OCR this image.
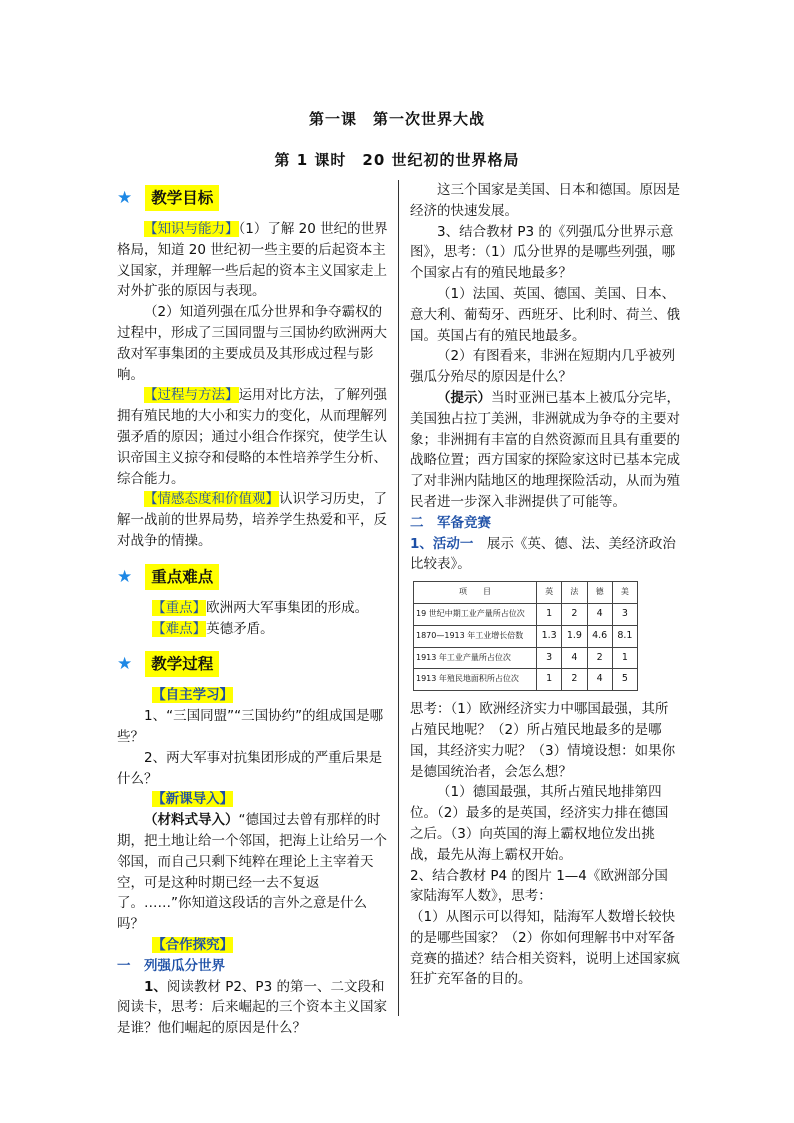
第一课　第一次世界大战
第 1 课时　20 世纪初的世界格局
★	教学目标

【知识与能力】（1）了解 20 世纪的世界格局，知道 20 世纪初一些主要的后起资本主义国家，并理解一些后起的资本主义国家走上对外扩张的原因与表现。

（2）知道列强在瓜分世界和争夺霸权的过程中，形成了三国同盟与三国协约欧洲两大敌对军事集团的主要成员及其形成过程与影响。

【过程与方法】运用对比方法，了解列强拥有殖民地的大小和实力的变化，从而理解列强矛盾的原因；通过小组合作探究，使学生认识帝国主义掠夺和侵略的本性培养学生分析、综合能力。

【情感态度和价值观】认识学习历史，了解一战前的世界局势，培养学生热爱和平，反对战争的情操。

★	重点难点

【重点】欧洲两大军事集团的形成。

【难点】英德矛盾。

★	教学过程

【自主学习】

1、“三国同盟”“三国协约”的组成国是哪些？

2、两大军事对抗集团形成的严重后果是什么？

【新课导入】

（材料式导入）“德国过去曾有那样的时期，把土地让给一个邻国，把海上让给另一个邻国，而自己只剩下纯粹在理论上主宰着天空，可是这种时期已经一去不复返了。……”你知道这段话的言外之意是什么吗？

【合作探究】

一　列强瓜分世界

1、阅读教材 P2、P3 的第一、二文段和阅读卡，思考：后来崛起的三个资本主义国家是谁？他们崛起的原因是什么？

这三个国家是美国、日本和德国。原因是经济的快速发展。

3、结合教材 P3 的《列强瓜分世界示意图》，思考：（1）瓜分世界的是哪些列强，哪个国家占有的殖民地最多？

（1）法国、英国、德国、美国、日本、意大利、葡萄牙、西班牙、比利时、荷兰、俄国。英国占有的殖民地最多。

（2）有图看来，非洲在短期内几乎被列强瓜分殆尽的原因是什么？

（提示）当时亚洲已基本上被瓜分完毕，美国独占拉丁美洲，非洲就成为争夺的主要对象；非洲拥有丰富的自然资源而且具有重要的战略位置；西方国家的探险家这时已基本完成了对非洲内陆地区的地理探险活动，从而为殖民者进一步深入非洲提供了可能等。

二　军备竞赛

1、活动一　 展示《英、德、法、美经济政治比较表》。

项　　目	英	法	德	美
19 世纪中期工业产量所占位次	1	2	4	3
1870—1913 年工业增长倍数	1.3	1.9	4.6	8.1
1913 年工业产量所占位次	3	4	2	1
1913 年殖民地面积所占位次	1	2	4	5

思考：（1）欧洲经济实力中哪国最强，其所占殖民地呢？（2）所占殖民地最多的是哪国，其经济实力呢？（3）情境设想：如果你是德国统治者，会怎么想？

（1）德国最强，其所占殖民地排第四位。（2）最多的是英国，经济实力排在德国之后。（3）向英国的海上霸权地位发出挑战，最先从海上霸权开始。

2、结合教材 P4 的图片 1—4《欧洲部分国家陆海军人数》，思考：

（1）从图示可以得知，陆海军人数增长较快的是哪些国家？（2）你如何理解书中对军备竞赛的描述？结合相关资料，说明上述国家疯狂扩充军备的目的。
